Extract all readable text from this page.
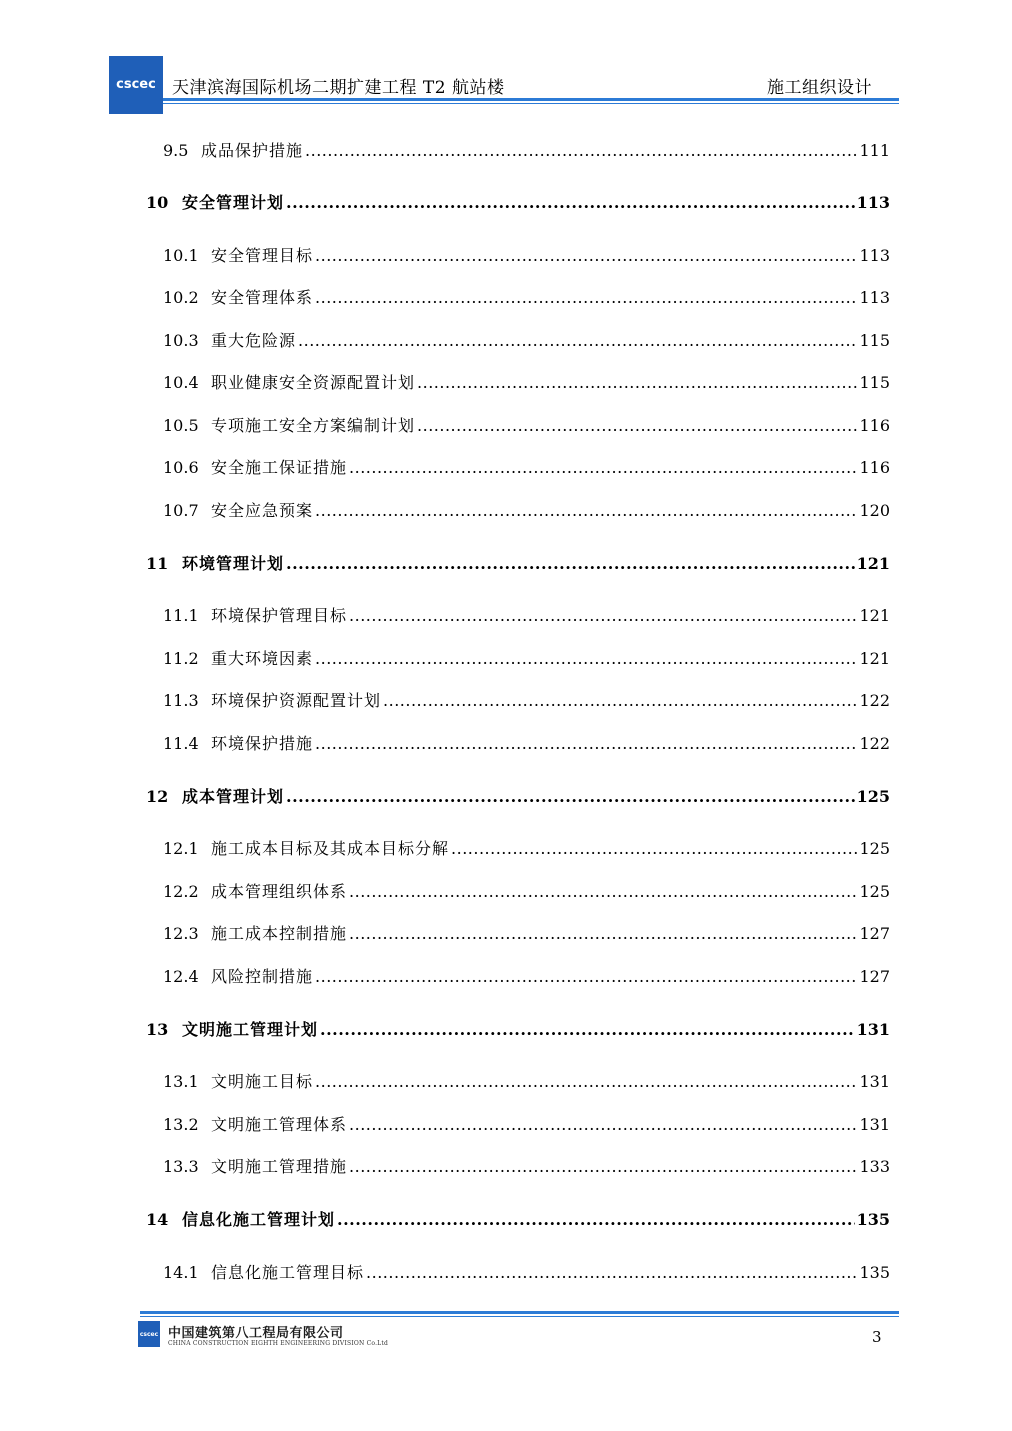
cscec 天津滨海国际机场二期扩建工程 T2 航站楼	施工组织设计
9.5 成品保护措施 .....	111
10 安全管理计划 .....	113
10.1 安全管理目标 .....	113
10.2 安全管理体系 .....	113
10.3 重大危险源 .....	115
10.4 职业健康安全资源配置计划 .....	115
10.5 专项施工安全方案编制计划 .....	116
10.6 安全施工保证措施 .....	116
10.7 安全应急预案 .....	120
11 环境管理计划 .....	121
11.1 环境保护管理目标 .....	121
11.2 重大环境因素 .....	121
11.3 环境保护资源配置计划 .....	122
11.4 环境保护措施 .....	122
12 成本管理计划 .....	125
12.1 施工成本目标及其成本目标分解 .....	125
12.2 成本管理组织体系 .....	125
12.3 施工成本控制措施 .....	127
12.4 风险控制措施 .....	127
13 文明施工管理计划 .....	131
13.1 文明施工目标 .....	131
13.2 文明施工管理体系 .....	131
13.3 文明施工管理措施 .....	133
14 信息化施工管理计划 .....	135
14.1 信息化施工管理目标 .....	135
cscec 中国建筑第八工程局有限公司
CHINA CONSTRUCTION EIGHTH ENGINEERING DIVISION Co.Ltd	3
